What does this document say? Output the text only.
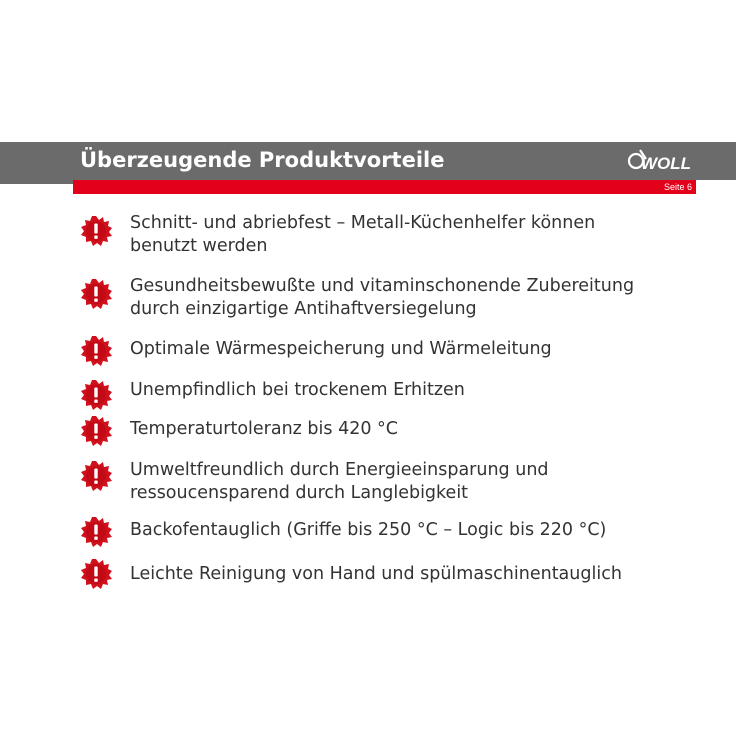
Überzeugende Produktvorteile	WOLL
Seite 6
Schnitt- und abriebfest – Metall-Küchenhelfer können
benutzt werden
Gesundheitsbewußte und vitaminschonende Zubereitung
durch einzigartige Antihaftversiegelung
Optimale Wärmespeicherung und Wärmeleitung
Unempfindlich bei trockenem Erhitzen
Temperaturtoleranz bis 420 °C
Umweltfreundlich durch Energieeinsparung und
ressoucensparend durch Langlebigkeit
Backofentauglich (Griffe bis 250 °C – Logic bis 220 °C)
Leichte Reinigung von Hand und spülmaschinentauglich
